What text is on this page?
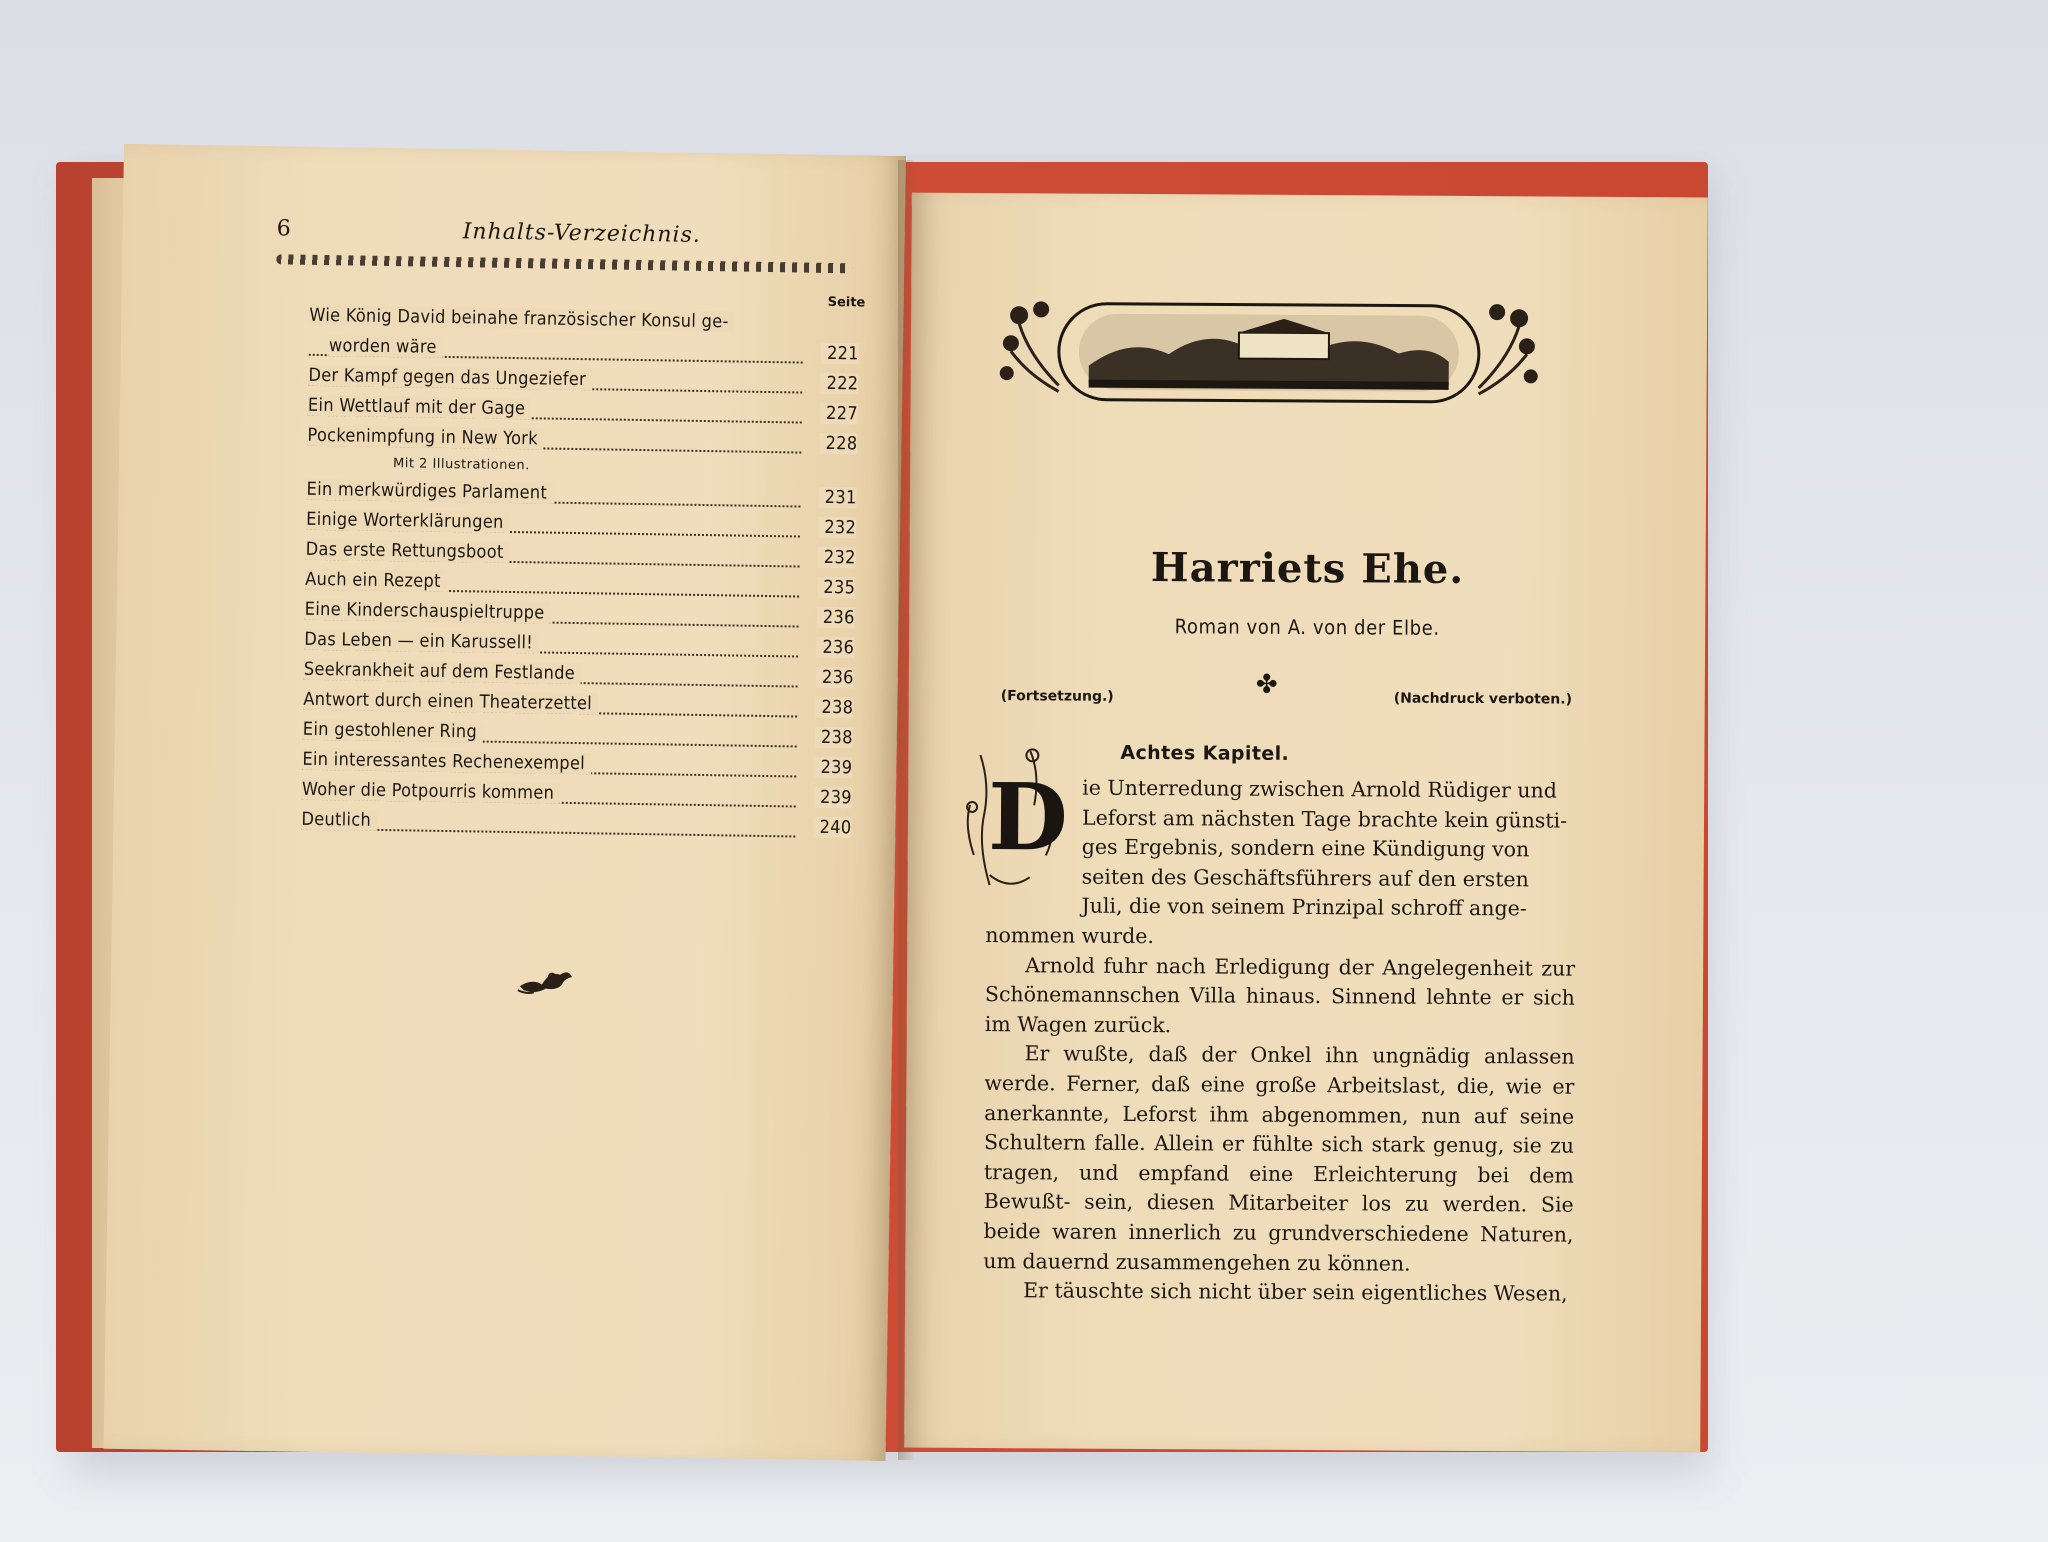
6	Inhalts-Verzeichnis.
Seite
Wie König David beinahe französischer Konsul ge-
worden wäre	221
Der Kampf gegen das Ungeziefer	222
Ein Wettlauf mit der Gage	227
Pockenimpfung in New York	228
Mit 2 Illustrationen.
Ein merkwürdiges Parlament	231
Einige Worterklärungen	232
Das erste Rettungsboot	232
Auch ein Rezept	235
Eine Kinderschauspieltruppe	236
Das Leben — ein Karussell!	236
Seekrankheit auf dem Festlande	236
Antwort durch einen Theaterzettel	238
Ein gestohlener Ring	238
Ein interessantes Rechenexempel	239
Woher die Potpourris kommen	239
Deutlich	240
Harriets Ehe.
Roman von A. von der Elbe.
(Fortsetzung.)	✤	(Nachdruck verboten.)
Achtes Kapitel.
D ie Unterredung zwischen Arnold Rüdiger und
Leforst am nächsten Tage brachte kein günsti-
ges Ergebnis, sondern eine Kündigung von
seiten des Geschäftsführers auf den ersten
Juli, die von seinem Prinzipal schroff ange-

nommen wurde.

Arnold fuhr nach Erledigung der Angelegenheit zur Schönemannschen Villa hinaus. Sinnend lehnte er sich im Wagen zurück.

Er wußte, daß der Onkel ihn ungnädig anlassen werde. Ferner, daß eine große Arbeitslast, die, wie er anerkannte, Leforst ihm abgenommen, nun auf seine Schultern falle. Allein er fühlte sich stark genug, sie zu tragen, und empfand eine Erleichterung bei dem Bewußt- sein, diesen Mitarbeiter los zu werden. Sie beide waren innerlich zu grundverschiedene Naturen, um dauernd zusammengehen zu können.

Er täuschte sich nicht über sein eigentliches Wesen,
